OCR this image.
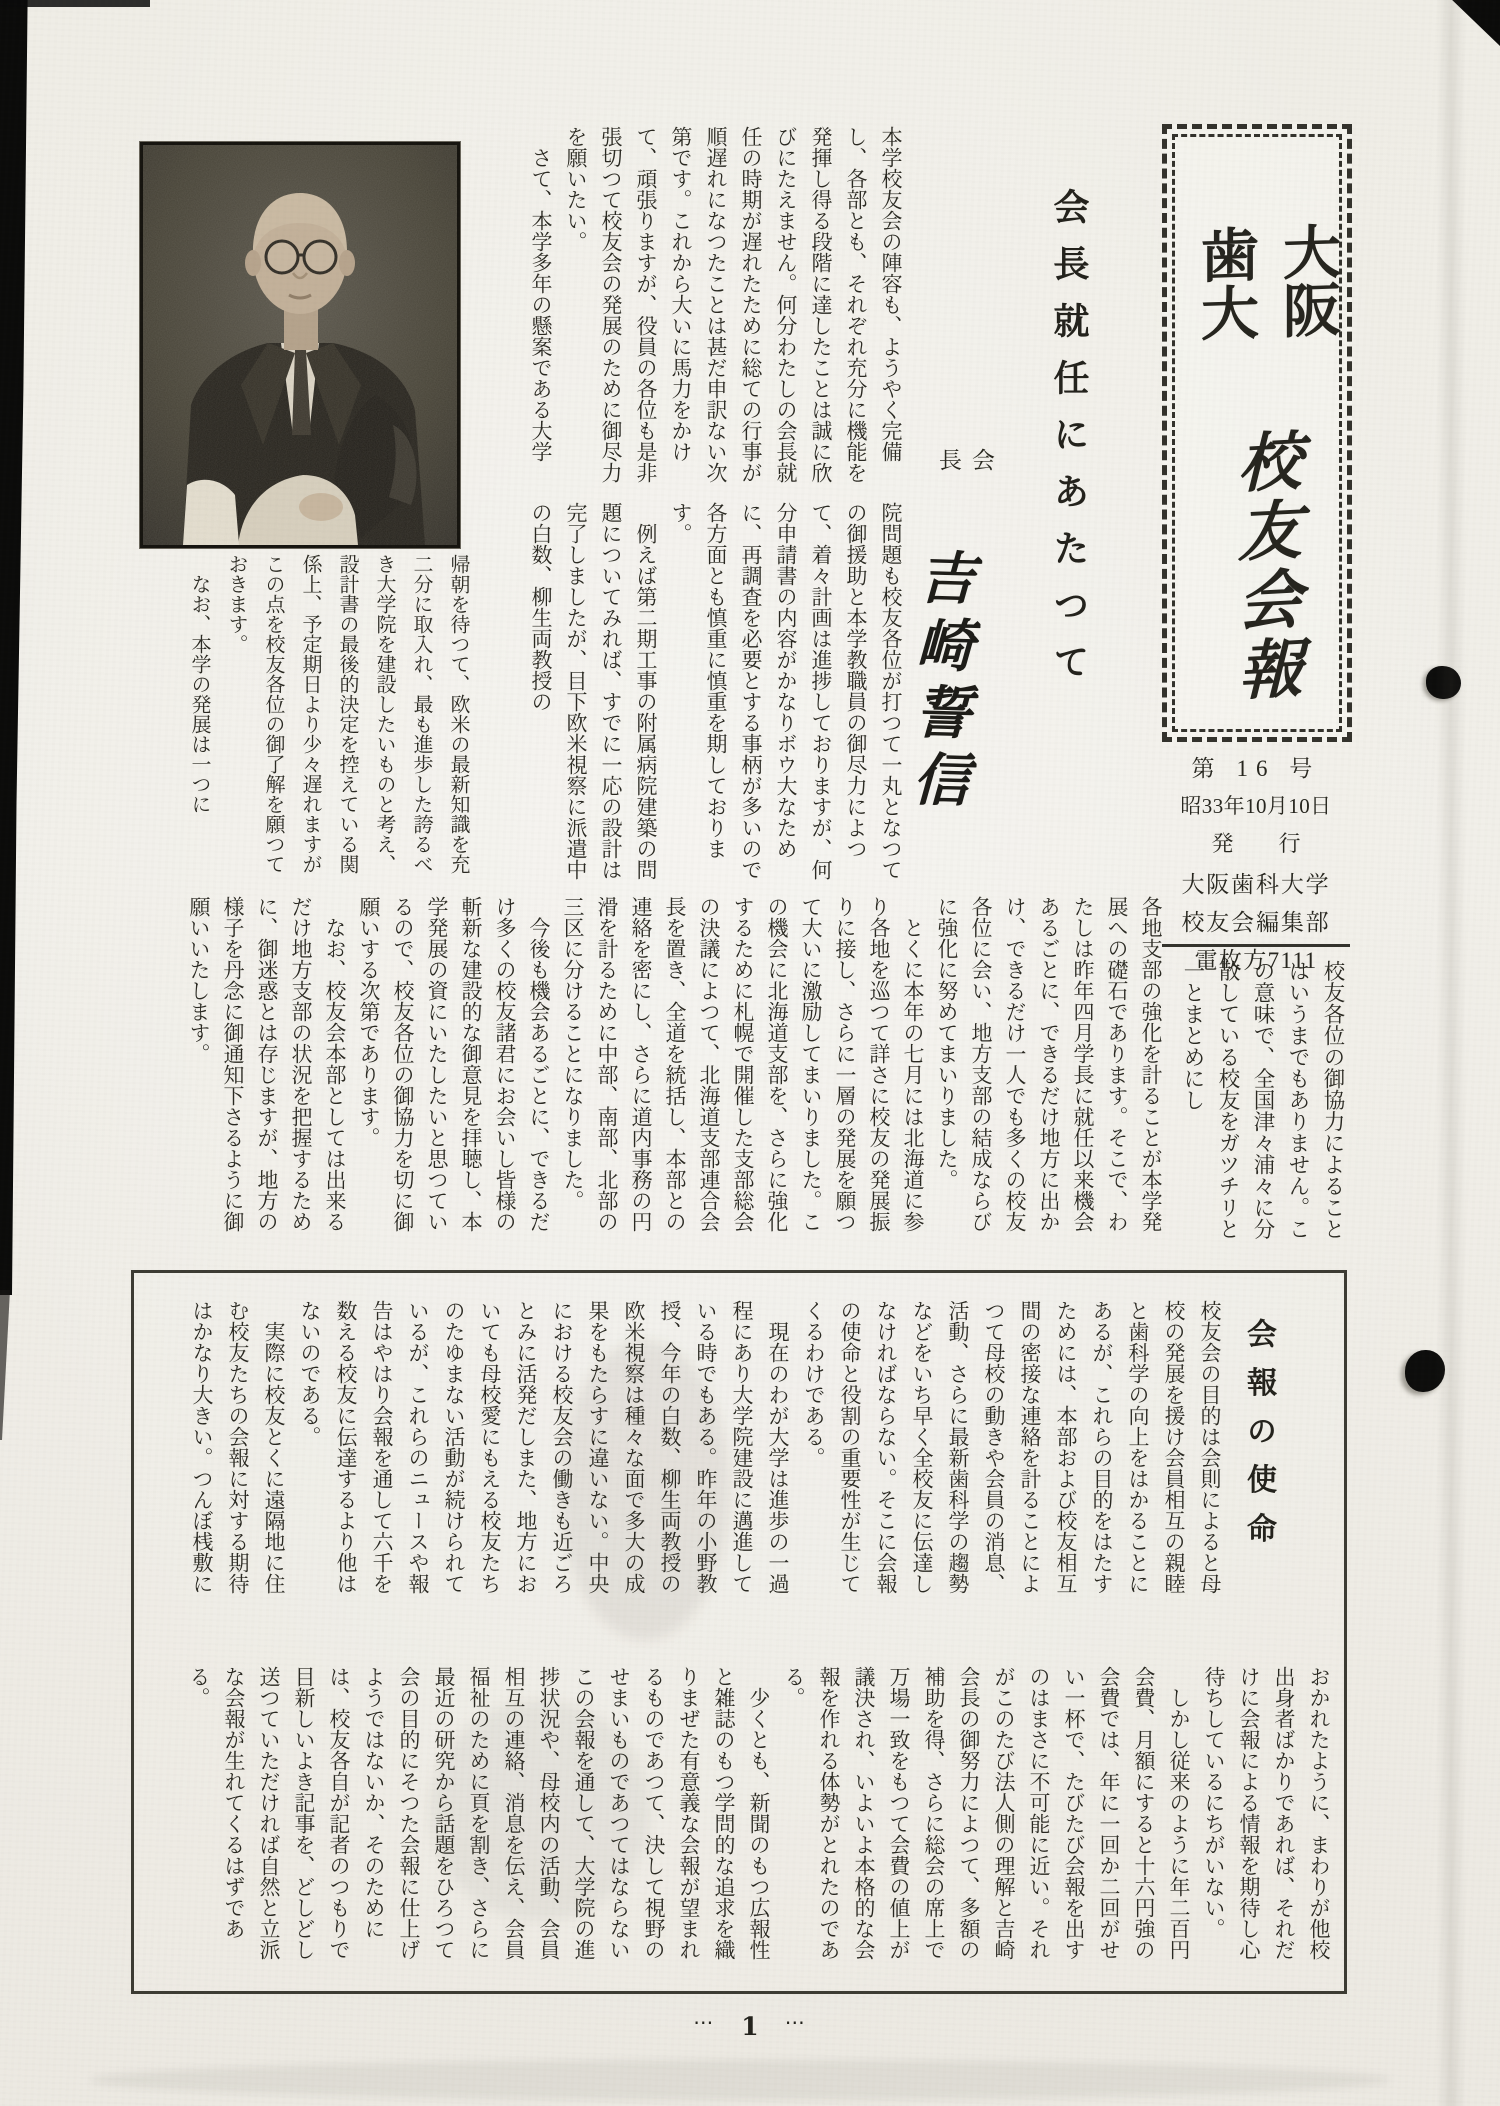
大阪
歯大
校友会報
第 16 号
昭33年10月10日
発 行
大阪歯科大学
校友会編集部
電枚方7111
会長就任にあたつて
会 長
吉崎誓信

本学校友会の陣容も、ようやく完備し、各部とも、それぞれ充分に機能を発揮し得る段階に達したことは誠に欣びにたえません。何分わたしの会長就任の時期が遅れたために総ての行事が順遅れになつたことは甚だ申訳ない次第です。これから大いに馬力をかけて、頑張りますが、役員の各位も是非張切つて校友会の発展のために御尽力を願いたい。

さて、本学多年の懸案である大学

院問題も校友各位が打つて一丸となつての御援助と本学教職員の御尽力によつて、着々計画は進捗しておりますが、何分申請書の内容がかなりボウ大なために、再調査を必要とする事柄が多いので各方面とも慎重に慎重を期しております。

例えば第二期工事の附属病院建築の問題についてみれば、すでに一応の設計は完了しましたが、目下欧米視察に派遣中の白数、柳生両教授の

帰朝を待つて、欧米の最新知識を充二分に取入れ、最も進歩した誇るべき大学院を建設したいものと考え、設計書の最後的決定を控えている関係上、予定期日より少々遅れますがこの点を校友各位の御了解を願つておきます。

なお、本学の発展は一つに

校友各位の御協力によることはいうまでもありません。この意味で、全国津々浦々に分散している校友をガツチリと一とまとめにし

各地支部の強化を計ることが本学発展への礎石であります。そこで、わたしは昨年四月学長に就任以来機会あるごとに、できるだけ地方に出かけ、できるだけ一人でも多くの校友各位に会い、地方支部の結成ならびに強化に努めてまいりました。

とくに本年の七月には北海道に参り各地を巡つて詳さに校友の発展振りに接し、さらに一層の発展を願つて大いに激励してまいりました。この機会に北海道支部を、さらに強化するために札幌で開催した支部総会の決議によつて、北海道支部連合会長を置き、全道を統括し、本部との連絡を密にし、さらに道内事務の円滑を計るために中部、南部、北部の三区に分けることになりました。

今後も機会あるごとに、できるだけ多くの校友諸君にお会いし皆様の斬新な建設的な御意見を拝聴し、本学発展の資にいたしたいと思つているので、校友各位の御協力を切に御願いする次第であります。

なお、校友会本部としては出来るだけ地方支部の状況を把握するために、御迷惑とは存じますが、地方の様子を丹念に御通知下さるように御願いいたします。

会報の使命

校友会の目的は会則によると母校の発展を援け会員相互の親睦と歯科学の向上をはかることにあるが、これらの目的をはたすためには、本部および校友相互間の密接な連絡を計ることによつて母校の動きや会員の消息、活動、さらに最新歯科学の趨勢などをいち早く全校友に伝達しなければならない。そこに会報の使命と役割の重要性が生じてくるわけである。

現在のわが大学は進歩の一過程にあり大学院建設に邁進している時でもある。昨年の小野教授、今年の白数、柳生両教授の欧米視察は種々な面で多大の成果をもたらすに違いない。中央における校友会の働きも近ごろとみに活発だしまた、地方においても母校愛にもえる校友たちのたゆまない活動が続けられているが、これらのニュースや報告はやはり会報を通して六千を数える校友に伝達するより他はないのである。

実際に校友とくに遠隔地に住む校友たちの会報に対する期待はかなり大きい。つんぼ桟敷に

おかれたように、まわりが他校出身者ばかりであれば、それだけに会報による情報を期待し心待ちしているにちがいない。

しかし従来のように年二百円会費、月額にすると十六円強の会費では、年に一回か二回がせい一杯で、たびたび会報を出すのはまさに不可能に近い。それがこのたび法人側の理解と吉崎会長の御努力によつて、多額の補助を得、さらに総会の席上で万場一致をもつて会費の値上が議決され、いよいよ本格的な会報を作れる体勢がとれたのである。

少くとも、新聞のもつ広報性と雑誌のもつ学問的な追求を織りまぜた有意義な会報が望まれるものであつて、決して視野のせまいものであつてはならないこの会報を通して、大学院の進捗状況や、母校内の活動、会員相互の連絡、消息を伝え、会員福祉のために頁を割き、さらに最近の研究から話題をひろつて会の目的にそつた会報に仕上げようではないか、そのためには、校友各自が記者のつもりで目新しいよき記事を、どしどし送つていただければ自然と立派な会報が生れてくるはずである。

⋯ 1 ⋯
